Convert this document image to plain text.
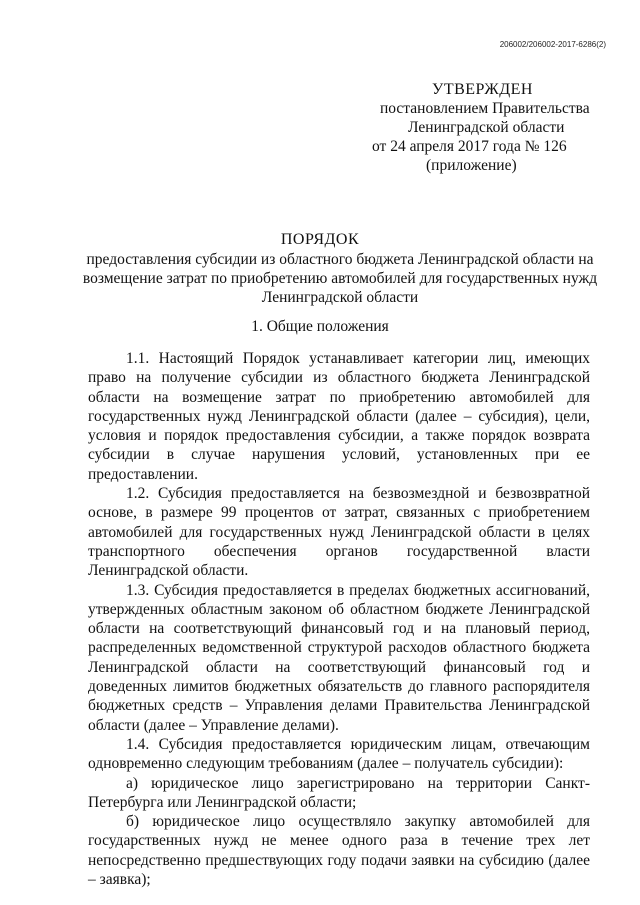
206002/206002-2017-6286(2)
УТВЕРЖДЕН
постановлением Правительства
Ленинградской области
от 24 апреля 2017 года № 126
(приложение)
ПОРЯДОК
предоставления субсидии из областного бюджета Ленинградской области на возмещение затрат по приобретению автомобилей для государственных нужд Ленинградской области
1. Общие положения

1.1. Настоящий Порядок устанавливает категории лиц, имеющих право на получение субсидии из областного бюджета Ленинградской области на возмещение затрат по приобретению автомобилей для государственных нужд Ленинградской области (далее – субсидия), цели, условия и порядок предоставления субсидии, а также порядок возврата субсидии в случае нарушения условий, установленных при ее предоставлении.

1.2. Субсидия предоставляется на безвозмездной и безвозвратной основе, в размере 99 процентов от затрат, связанных с приобретением автомобилей для государственных нужд Ленинградской области в целях транспортного обеспечения органов государственной власти Ленинградской области.

1.3. Субсидия предоставляется в пределах бюджетных ассигнований, утвержденных областным законом об областном бюджете Ленинградской области на соответствующий финансовый год и на плановый период, распределенных ведомственной структурой расходов областного бюджета Ленинградской области на соответствующий финансовый год и доведенных лимитов бюджетных обязательств до главного распорядителя бюджетных средств – Управления делами Правительства Ленинградской области (далее – Управление делами).

1.4. Субсидия предоставляется юридическим лицам, отвечающим одновременно следующим требованиям (далее – получатель субсидии):

а) юридическое лицо зарегистрировано на территории Санкт-Петербурга или Ленинградской области;

б) юридическое лицо осуществляло закупку автомобилей для государственных нужд не менее одного раза в течение трех лет непосредственно предшествующих году подачи заявки на субсидию (далее – заявка);
